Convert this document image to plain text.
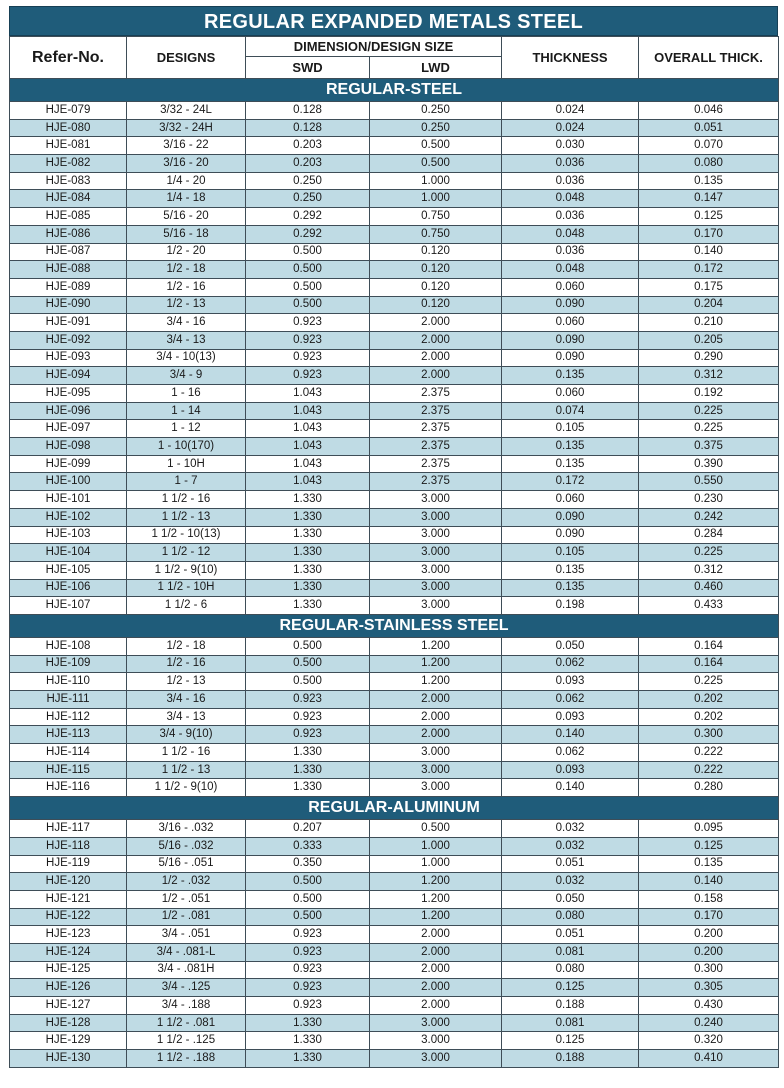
REGULAR EXPANDED METALS STEEL
Refer-No.	DESIGNS	DIMENSION/DESIGN SIZE		THICKNESS	OVERALL THICK.
		SWD	LWD		
REGULAR-STEEL					
HJE-079	3/32 - 24L	0.128	0.250	0.024	0.046
HJE-080	3/32 - 24H	0.128	0.250	0.024	0.051
HJE-081	3/16 - 22	0.203	0.500	0.030	0.070
HJE-082	3/16 - 20	0.203	0.500	0.036	0.080
HJE-083	1/4 - 20	0.250	1.000	0.036	0.135
HJE-084	1/4 - 18	0.250	1.000	0.048	0.147
HJE-085	5/16 - 20	0.292	0.750	0.036	0.125
HJE-086	5/16 - 18	0.292	0.750	0.048	0.170
HJE-087	1/2 - 20	0.500	0.120	0.036	0.140
HJE-088	1/2 - 18	0.500	0.120	0.048	0.172
HJE-089	1/2 - 16	0.500	0.120	0.060	0.175
HJE-090	1/2 - 13	0.500	0.120	0.090	0.204
HJE-091	3/4 - 16	0.923	2.000	0.060	0.210
HJE-092	3/4 - 13	0.923	2.000	0.090	0.205
HJE-093	3/4 - 10(13)	0.923	2.000	0.090	0.290
HJE-094	3/4 - 9	0.923	2.000	0.135	0.312
HJE-095	1 - 16	1.043	2.375	0.060	0.192
HJE-096	1 - 14	1.043	2.375	0.074	0.225
HJE-097	1 - 12	1.043	2.375	0.105	0.225
HJE-098	1 - 10(170)	1.043	2.375	0.135	0.375
HJE-099	1 - 10H	1.043	2.375	0.135	0.390
HJE-100	1 - 7	1.043	2.375	0.172	0.550
HJE-101	1 1/2 - 16	1.330	3.000	0.060	0.230
HJE-102	1 1/2 - 13	1.330	3.000	0.090	0.242
HJE-103	1 1/2 - 10(13)	1.330	3.000	0.090	0.284
HJE-104	1 1/2 - 12	1.330	3.000	0.105	0.225
HJE-105	1 1/2 - 9(10)	1.330	3.000	0.135	0.312
HJE-106	1 1/2 - 10H	1.330	3.000	0.135	0.460
HJE-107	1 1/2 - 6	1.330	3.000	0.198	0.433
REGULAR-STAINLESS STEEL					
HJE-108	1/2 - 18	0.500	1.200	0.050	0.164
HJE-109	1/2 - 16	0.500	1.200	0.062	0.164
HJE-110	1/2 - 13	0.500	1.200	0.093	0.225
HJE-111	3/4 - 16	0.923	2.000	0.062	0.202
HJE-112	3/4 - 13	0.923	2.000	0.093	0.202
HJE-113	3/4 - 9(10)	0.923	2.000	0.140	0.300
HJE-114	1 1/2 - 16	1.330	3.000	0.062	0.222
HJE-115	1 1/2 - 13	1.330	3.000	0.093	0.222
HJE-116	1 1/2 - 9(10)	1.330	3.000	0.140	0.280
REGULAR-ALUMINUM					
HJE-117	3/16 - .032	0.207	0.500	0.032	0.095
HJE-118	5/16 - .032	0.333	1.000	0.032	0.125
HJE-119	5/16 - .051	0.350	1.000	0.051	0.135
HJE-120	1/2 - .032	0.500	1.200	0.032	0.140
HJE-121	1/2 - .051	0.500	1.200	0.050	0.158
HJE-122	1/2 - .081	0.500	1.200	0.080	0.170
HJE-123	3/4 - .051	0.923	2.000	0.051	0.200
HJE-124	3/4 - .081-L	0.923	2.000	0.081	0.200
HJE-125	3/4 - .081H	0.923	2.000	0.080	0.300
HJE-126	3/4 - .125	0.923	2.000	0.125	0.305
HJE-127	3/4 - .188	0.923	2.000	0.188	0.430
HJE-128	1 1/2 - .081	1.330	3.000	0.081	0.240
HJE-129	1 1/2 - .125	1.330	3.000	0.125	0.320
HJE-130	1 1/2 - .188	1.330	3.000	0.188	0.410
